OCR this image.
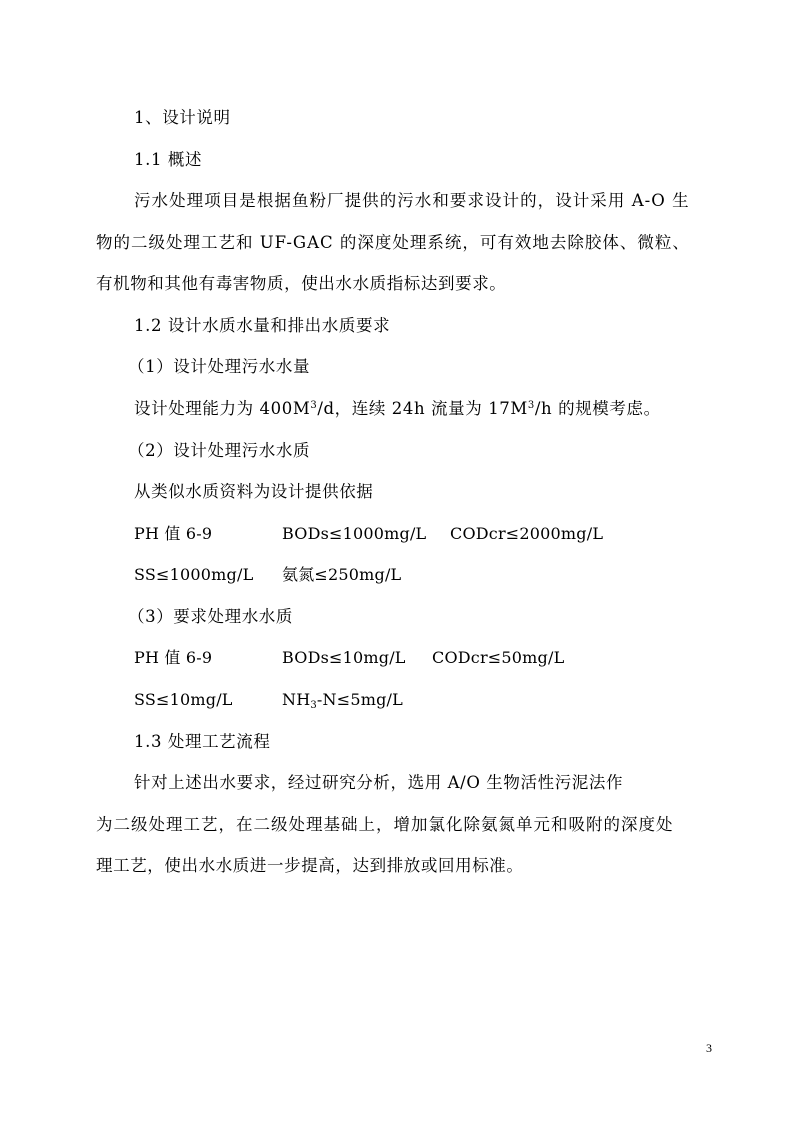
1、设计说明
1.1 概述
污水处理项目是根据鱼粉厂提供的污水和要求设计的，设计采用 A-O 生
物的二级处理工艺和 UF-GAC 的深度处理系统，可有效地去除胶体、微粒、
有机物和其他有毒害物质，使出水水质指标达到要求。
1.2 设计水质水量和排出水质要求
（1）设计处理污水水量
设计处理能力为 $400M^3/d$，连续 24h 流量为 $17M^3/h$ 的规模考虑。
（2）设计处理污水水质
从类似水质资料为设计提供依据
PH 值 6-9	BODs≤1000mg/L CODcr≤2000mg/L
SS≤1000mg/L 氨氮≤250mg/L
（3）要求处理水水质
PH 值 6-9	BODs≤10mg/L CODcr≤50mg/L
SS≤10mg/L	$NH_3-N\le 5mg/L$
1.3 处理工艺流程
针对上述出水要求，经过研究分析，选用 A/O 生物活性污泥法作
为二级处理工艺，在二级处理基础上，增加氯化除氨氮单元和吸附的深度处
理工艺，使出水水质进一步提高，达到排放或回用标准。
3
